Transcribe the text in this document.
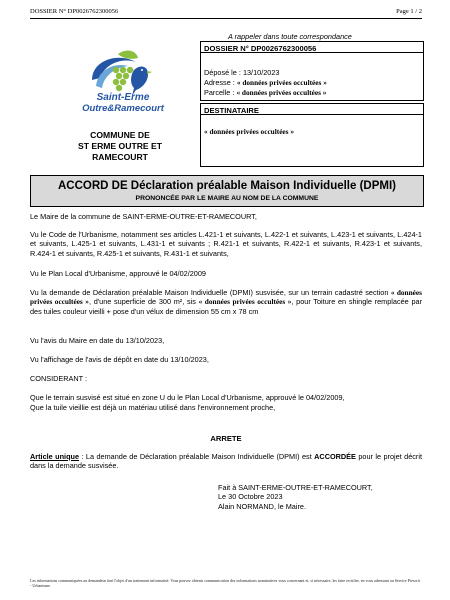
DOSSIER N° DP0026762300056	Page 1 / 2
Saint-Erme
Outre&Ramecourt
COMMUNE DE
ST ERME OUTRE ET
RAMECOURT
A rappeler dans toute correspondance
DOSSIER N° DP0026762300056
Déposé le : 13/10/2023
Adresse : « données privées occultées »
Parcelle : « données privées occultées »
DESTINATAIRE
« données privées occultées »
ACCORD DE Déclaration préalable Maison Individuelle (DPMI)
PRONONCÉE PAR LE MAIRE AU NOM DE LA COMMUNE
Le Maire de la commune de SAINT-ERME-OUTRE-ET-RAMECOURT,
Vu le Code de l'Urbanisme, notamment ses articles L.421-1 et suivants, L.422-1 et suivants, L.423-1 et suivants, L.424-1 et suivants, L.425-1 et suivants, L.431-1 et suivants ; R.421-1 et suivants, R.422-1 et suivants, R.423-1 et suivants, R.424-1 et suivants, R.425-1 et suivants, R.431-1 et suivants,
Vu le Plan Local d'Urbanisme, approuvé le 04/02/2009
Vu la demande de Déclaration préalable Maison Individuelle (DPMI) susvisée, sur un terrain cadastré section « données privées occultées », d'une superficie de 300 m², sis « données privées occultées », pour Toiture en shingle remplacée par des tuiles couleur vieilli + pose d'un vélux de dimension 55 cm x 78 cm
Vu l'avis du Maire en date du 13/10/2023,
Vu l'affichage de l'avis de dépôt en date du 13/10/2023,
CONSIDERANT :
Que le terrain susvisé est situé en zone U du le Plan Local d'Urbanisme, approuvé le 04/02/2009,
Que la tuile vieillie est déjà un matériau utilisé dans l'environnement proche,
ARRETE
Article unique : La demande de Déclaration préalable Maison Individuelle (DPMI) est ACCORDÉE pour le projet décrit dans la demande susvisée.
Fait à SAINT-ERME-OUTRE-ET-RAMECOURT,
Le 30 Octobre 2023
Alain NORMAND, le Maire.
Les informations communiquées au demandeur font l'objet d'un traitement informatisé. Vous pouvez obtenir communication des informations nominatives vous concernant et, si nécessaire, les faire rectifier, en vous adressant au Service Prescrit - Urbanisme.
